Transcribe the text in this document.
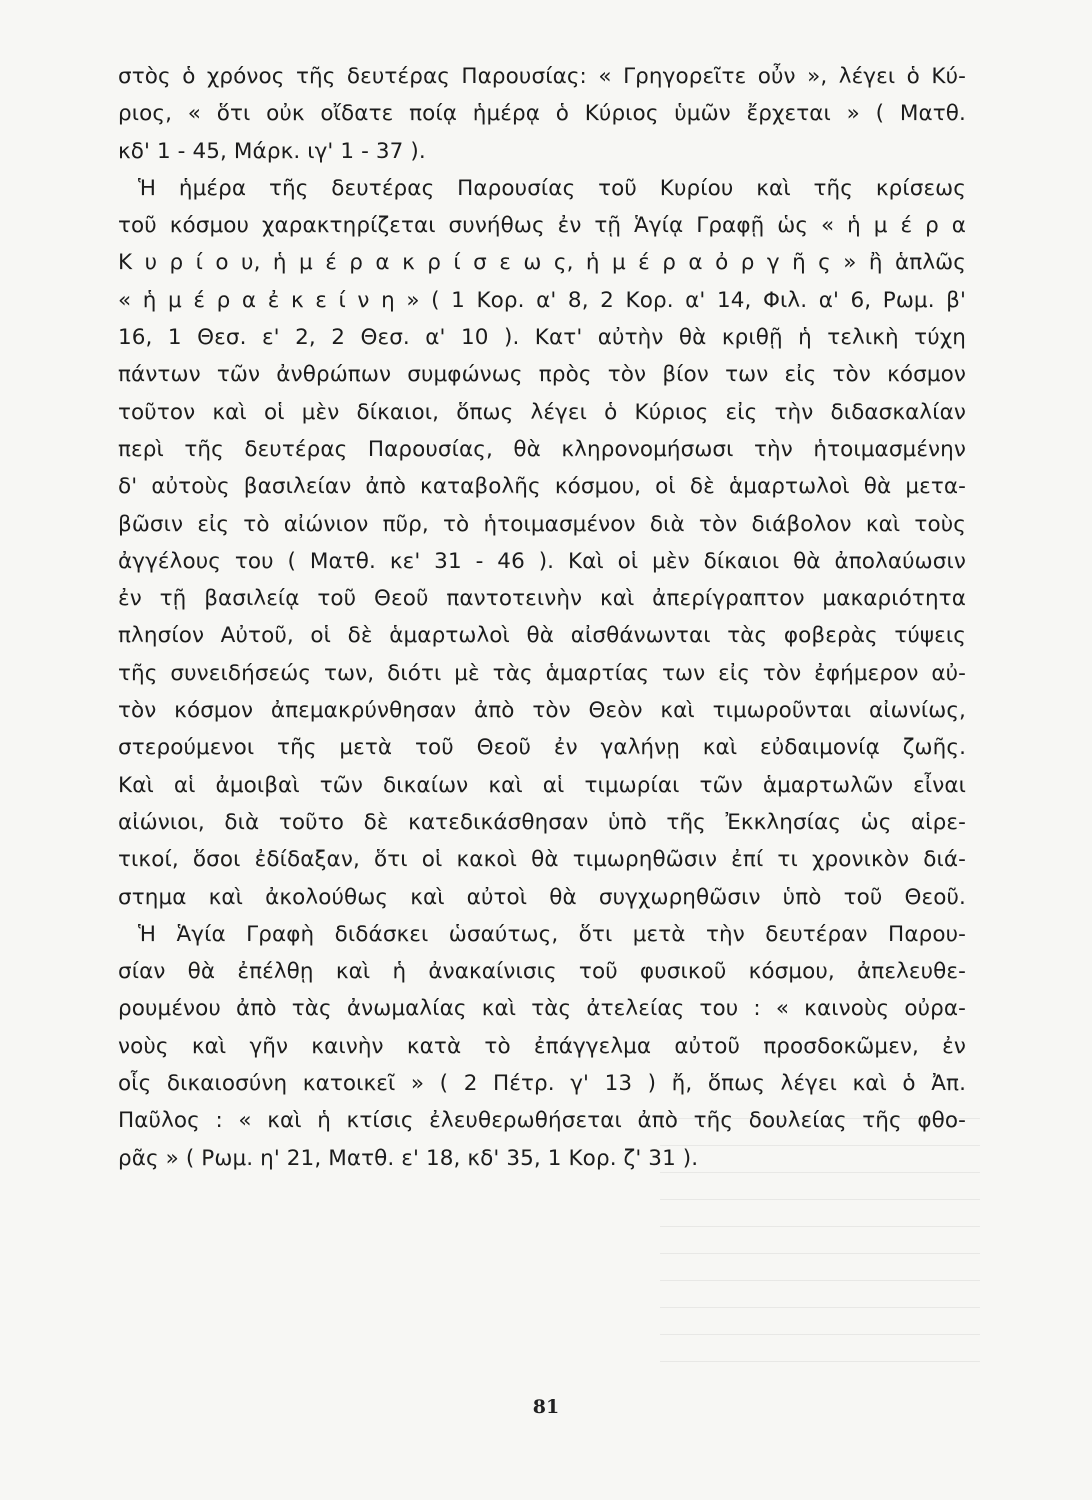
στὸς ὁ χρόνος τῆς δευτέρας Παρουσίας: « Γρηγορεῖτε οὖν », λέγει ὁ Κύ-
ριος, « ὅτι οὐκ οἴδατε ποίᾳ ἡμέρᾳ ὁ Κύριος ὑμῶν ἔρχεται » ( Ματθ.
κδ' 1 - 45, Μάρκ. ιγ' 1 - 37 ).
Ἡ ἡμέρα τῆς δευτέρας Παρουσίας τοῦ Κυρίου καὶ τῆς κρίσεως
τοῦ κόσμου χαρακτηρίζεται συνήθως ἐν τῇ Ἁγίᾳ Γραφῇ ὡς « ἡ μ έ ρ α
Κ υ ρ ί ο υ, ἡ μ έ ρ α κ ρ ί σ ε ω ς, ἡ μ έ ρ α ὀ ρ γ ῆ ς » ἢ ἁπλῶς
« ἡ μ έ ρ α ἐ κ ε ί ν η » ( 1 Κορ. α' 8, 2 Κορ. α' 14, Φιλ. α' 6, Ρωμ. β'
16, 1 Θεσ. ε' 2, 2 Θεσ. α' 10 ). Κατ' αὐτὴν θὰ κριθῇ ἡ τελικὴ τύχη
πάντων τῶν ἀνθρώπων συμφώνως πρὸς τὸν βίον των εἰς τὸν κόσμον
τοῦτον καὶ οἱ μὲν δίκαιοι, ὅπως λέγει ὁ Κύριος εἰς τὴν διδασκαλίαν
περὶ τῆς δευτέρας Παρουσίας, θὰ κληρονομήσωσι τὴν ἡτοιμασμένην
δ' αὐτοὺς βασιλείαν ἀπὸ καταβολῆς κόσμου, οἱ δὲ ἁμαρτωλοὶ θὰ μετα-
βῶσιν εἰς τὸ αἰώνιον πῦρ, τὸ ἡτοιμασμένον διὰ τὸν διάβολον καὶ τοὺς
ἀγγέλους του ( Ματθ. κε' 31 - 46 ). Καὶ οἱ μὲν δίκαιοι θὰ ἀπολαύωσιν
ἐν τῇ βασιλείᾳ τοῦ Θεοῦ παντοτεινὴν καὶ ἀπερίγραπτον μακαριότητα
πλησίον Αὐτοῦ, οἱ δὲ ἁμαρτωλοὶ θὰ αἰσθάνωνται τὰς φοβερὰς τύψεις
τῆς συνειδήσεώς των, διότι μὲ τὰς ἁμαρτίας των εἰς τὸν ἐφήμερον αὐ-
τὸν κόσμον ἀπεμακρύνθησαν ἀπὸ τὸν Θεὸν καὶ τιμωροῦνται αἰωνίως,
στερούμενοι τῆς μετὰ τοῦ Θεοῦ ἐν γαλήνῃ καὶ εὐδαιμονίᾳ ζωῆς.
Καὶ αἱ ἀμοιβαὶ τῶν δικαίων καὶ αἱ τιμωρίαι τῶν ἁμαρτωλῶν εἶναι
αἰώνιοι, διὰ τοῦτο δὲ κατεδικάσθησαν ὑπὸ τῆς Ἐκκλησίας ὡς αἱρε-
τικοί, ὅσοι ἐδίδαξαν, ὅτι οἱ κακοὶ θὰ τιμωρηθῶσιν ἐπί τι χρονικὸν διά-
στημα καὶ ἀκολούθως καὶ αὐτοὶ θὰ συγχωρηθῶσιν ὑπὸ τοῦ Θεοῦ.
Ἡ Ἁγία Γραφὴ διδάσκει ὡσαύτως, ὅτι μετὰ τὴν δευτέραν Παρου-
σίαν θὰ ἐπέλθῃ καὶ ἡ ἀνακαίνισις τοῦ φυσικοῦ κόσμου, ἀπελευθε-
ρουμένου ἀπὸ τὰς ἀνωμαλίας καὶ τὰς ἀτελείας του : « καινοὺς οὐρα-
νοὺς καὶ γῆν καινὴν κατὰ τὸ ἐπάγγελμα αὐτοῦ προσδοκῶμεν, ἐν
οἷς δικαιοσύνη κατοικεῖ » ( 2 Πέτρ. γ' 13 ) ἤ, ὅπως λέγει καὶ ὁ Ἀπ.
Παῦλος : « καὶ ἡ κτίσις ἐλευθερωθήσεται ἀπὸ τῆς δουλείας τῆς φθο-
ρᾶς » ( Ρωμ. η' 21, Ματθ. ε' 18, κδ' 35, 1 Κορ. ζ' 31 ).
81
